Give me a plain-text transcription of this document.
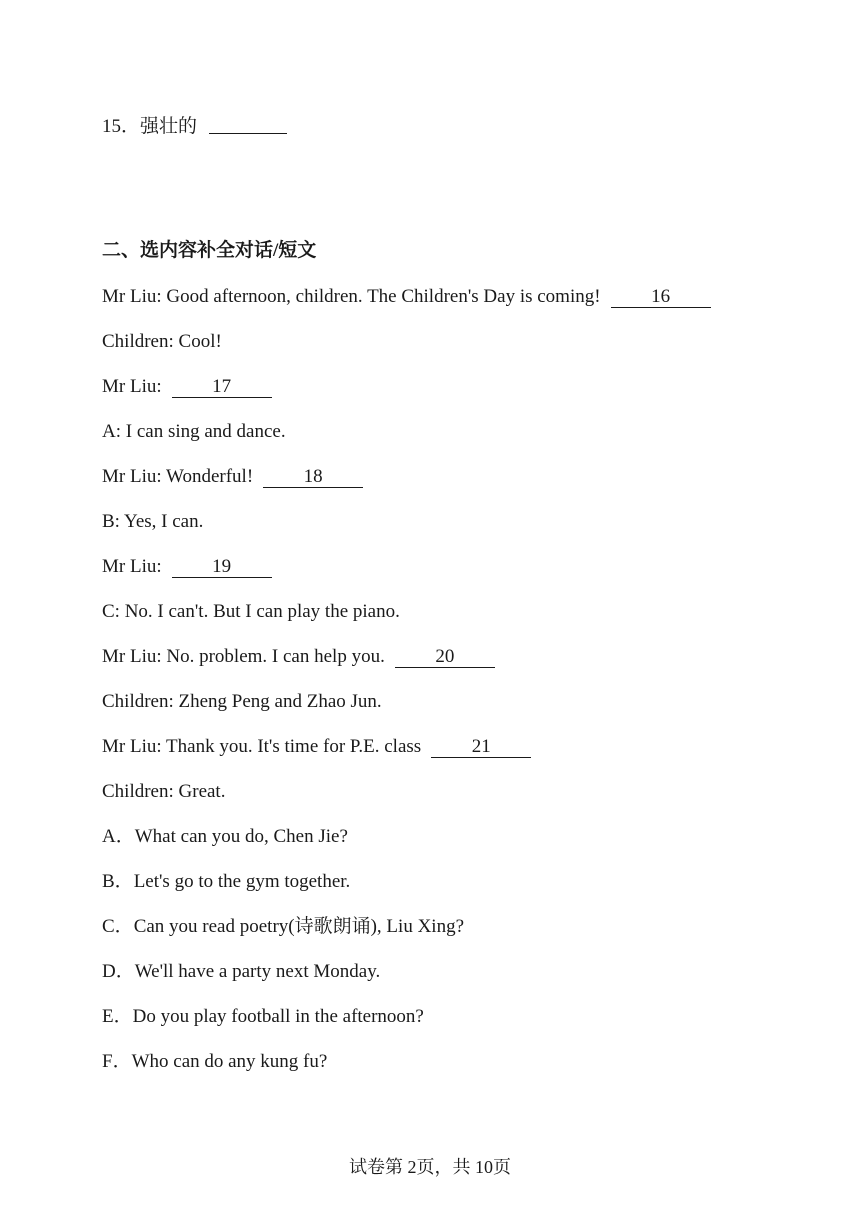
15．强壮的
二、选内容补全对话/短文
Mr Liu: Good afternoon, children. The Children's Day is coming!	16
Children: Cool!
Mr Liu:	17
A: I can sing and dance.
Mr Liu: Wonderful!	18
B: Yes, I can.
Mr Liu:	19
C: No. I can't. But I can play the piano.
Mr Liu: No. problem. I can help you.	20
Children: Zheng Peng and Zhao Jun.
Mr Liu: Thank you. It's time for P.E. class	21
Children: Great.
A．What can you do, Chen Jie?
B．Let's go to the gym together.
C．Can you read poetry(诗歌朗诵), Liu Xing?
D．We'll have a party next Monday.
E．Do you play football in the afternoon?
F．Who can do any kung fu?
试卷第 2页，共 10页
